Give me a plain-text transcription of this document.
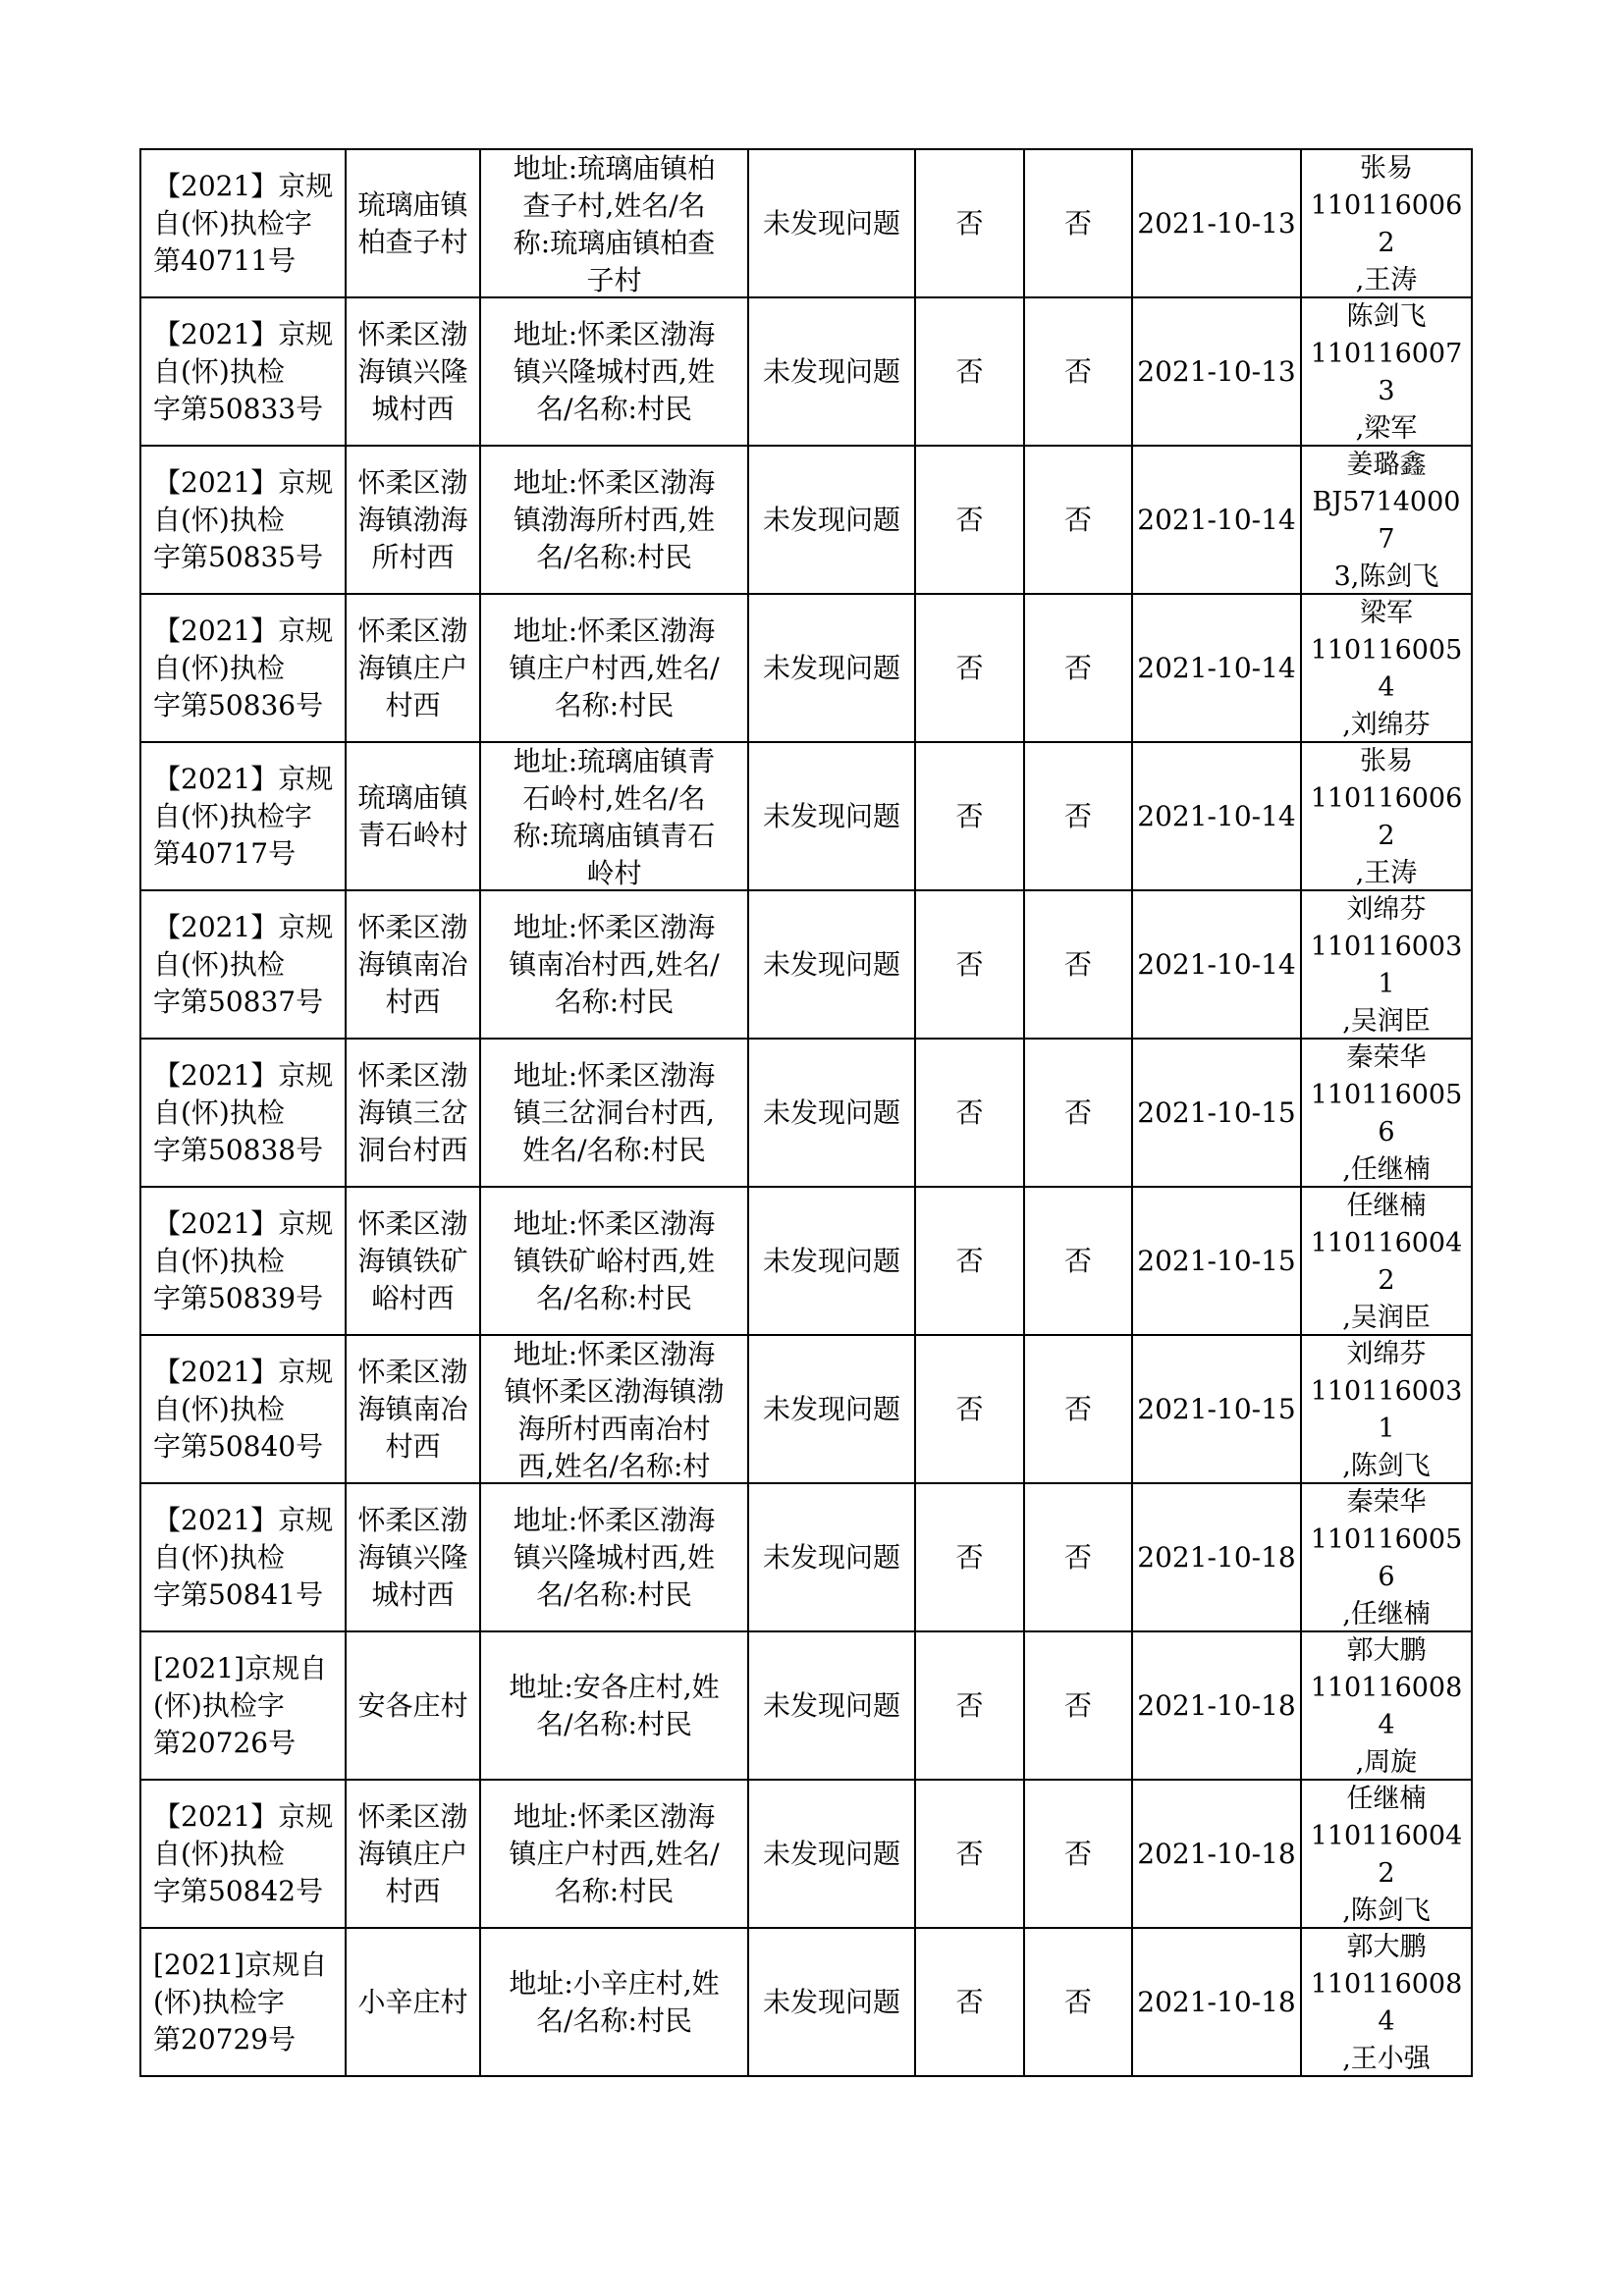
【2021】京规
自(怀)执检字
第40711号	琉璃庙镇
柏查子村	地址:琉璃庙镇柏
查子村,姓名/名
称:琉璃庙镇柏查
子村	未发现问题	否	否	2021-10-13	张易
1101160062
,王涛

【2021】京规
自(怀)执检
字第50833号	怀柔区渤
海镇兴隆
城村西	地址:怀柔区渤海
镇兴隆城村西,姓
名/名称:村民	未发现问题	否	否	2021-10-13	陈剑飞
1101160073
,梁军

【2021】京规
自(怀)执检
字第50835号	怀柔区渤
海镇渤海
所村西	地址:怀柔区渤海
镇渤海所村西,姓
名/名称:村民	未发现问题	否	否	2021-10-14	姜璐鑫
BJ57140007
3,陈剑飞

【2021】京规
自(怀)执检
字第50836号	怀柔区渤
海镇庄户
村西	地址:怀柔区渤海
镇庄户村西,姓名/
名称:村民	未发现问题	否	否	2021-10-14	梁军
1101160054
,刘绵芬

【2021】京规
自(怀)执检字
第40717号	琉璃庙镇
青石岭村	地址:琉璃庙镇青
石岭村,姓名/名
称:琉璃庙镇青石
岭村	未发现问题	否	否	2021-10-14	张易
1101160062
,王涛

【2021】京规
自(怀)执检
字第50837号	怀柔区渤
海镇南冶
村西	地址:怀柔区渤海
镇南冶村西,姓名/
名称:村民	未发现问题	否	否	2021-10-14	刘绵芬
1101160031
,吴润臣

【2021】京规
自(怀)执检
字第50838号	怀柔区渤
海镇三岔
洞台村西	地址:怀柔区渤海
镇三岔洞台村西,
姓名/名称:村民	未发现问题	否	否	2021-10-15	秦荣华
1101160056
,任继楠

【2021】京规
自(怀)执检
字第50839号	怀柔区渤
海镇铁矿
峪村西	地址:怀柔区渤海
镇铁矿峪村西,姓
名/名称:村民	未发现问题	否	否	2021-10-15	任继楠
1101160042
,吴润臣

【2021】京规
自(怀)执检
字第50840号	怀柔区渤
海镇南冶
村西	地址:怀柔区渤海
镇怀柔区渤海镇渤
海所村西南冶村
西,姓名/名称:村	未发现问题	否	否	2021-10-15	刘绵芬
1101160031
,陈剑飞

【2021】京规
自(怀)执检
字第50841号	怀柔区渤
海镇兴隆
城村西	地址:怀柔区渤海
镇兴隆城村西,姓
名/名称:村民	未发现问题	否	否	2021-10-18	秦荣华
1101160056
,任继楠

[2021]京规自
(怀)执检字
第20726号	安各庄村	地址:安各庄村,姓
名/名称:村民	未发现问题	否	否	2021-10-18	郭大鹏
1101160084
,周旋

【2021】京规
自(怀)执检
字第50842号	怀柔区渤
海镇庄户
村西	地址:怀柔区渤海
镇庄户村西,姓名/
名称:村民	未发现问题	否	否	2021-10-18	任继楠
1101160042
,陈剑飞

[2021]京规自
(怀)执检字
第20729号	小辛庄村	地址:小辛庄村,姓
名/名称:村民	未发现问题	否	否	2021-10-18	郭大鹏
1101160084
,王小强
